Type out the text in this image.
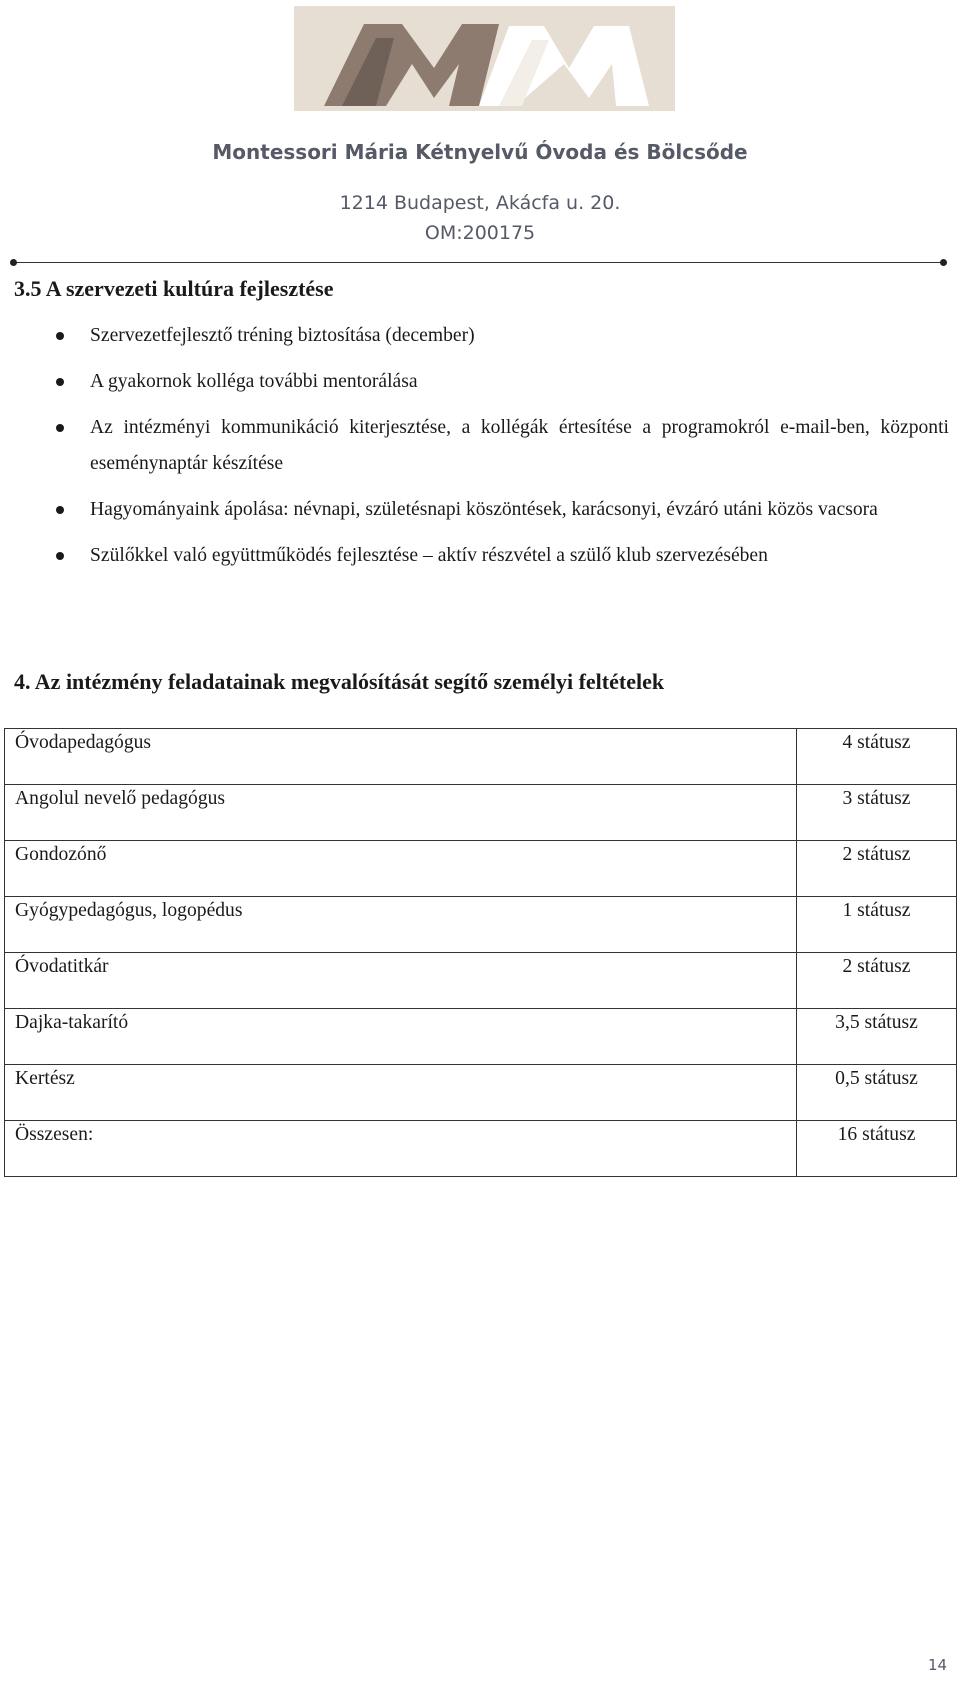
Montessori Mária Kétnyelvű Óvoda és Bölcsőde
1214 Budapest, Akácfa u. 20.
OM:200175
3.5 A szervezeti kultúra fejlesztése
Szervezetfejlesztő tréning biztosítása (december)
A gyakornok kolléga további mentorálása
Az intézményi kommunikáció kiterjesztése, a kollégák értesítése a programokról e-mail-ben, központi eseménynaptár készítése
Hagyományaink ápolása: névnapi, születésnapi köszöntések, karácsonyi, évzáró utáni közös vacsora
Szülőkkel való együttműködés fejlesztése – aktív részvétel a szülő klub szervezésében
4. Az intézmény feladatainak megvalósítását segítő személyi feltételek
Óvodapedagógus	4 státusz
Angolul nevelő pedagógus	3 státusz
Gondozónő	2 státusz
Gyógypedagógus, logopédus	1 státusz
Óvodatitkár	2 státusz
Dajka-takarító	3,5 státusz
Kertész	0,5 státusz
Összesen:	16 státusz
14
